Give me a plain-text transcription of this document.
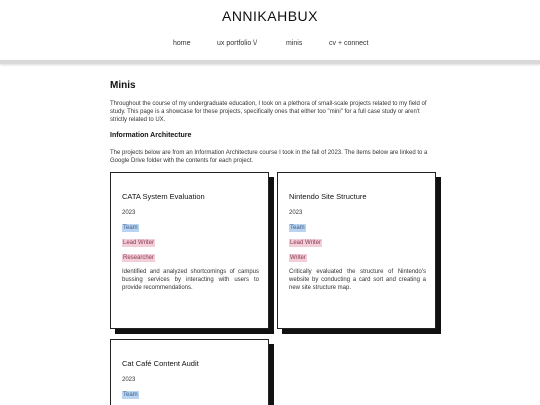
ANNIKAHBUX
home	ux portfolio \/	minis	cv + connect
Minis

Throughout the course of my undergraduate education, I took on a plethora of small-scale projects related to my field of study. This page is a showcase for these projects, specifically ones that either too "mini" for a full case study or aren't strictly related to UX.

Information Architecture

The projects below are from an Information Architecture course I took in the fall of 2023. The items below are linked to a Google Drive folder with the contents for each project.

CATA System Evaluation
2023
Team
Lead Writer
Researcher

Identified and analyzed shortcomings of campus bussing services by interacting with users to provide recommendations.

Nintendo Site Structure
2023
Team
Lead Writer
Writer

Critically evaluated the structure of Nintendo's website by conducting a card sort and creating a new site structure map.

Cat Café Content Audit
2023
Team
